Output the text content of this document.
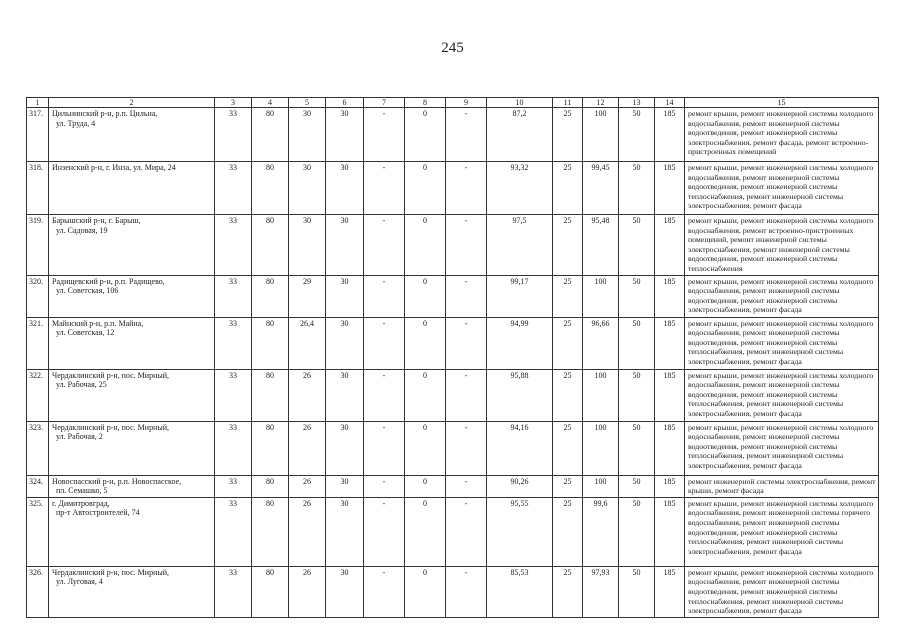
245
1	2	3	4	5	6	7	8	9	10	11	12	13	14	15
317.	Цильнинский р-н, р.п. Цильна,
ул. Труда, 4	33	80	30	30	-	0	-	87,2	25	100	50	185	ремонт крыши, ремонт инженерной системы холодного водоснабжения, ремонт инженерной системы водоотведения, ремонт инженерной системы электроснабжения, ремонт фасада, ремонт встроенно-пристроенных помещений
318.	Инзенский р-н, г. Инза, ул. Мира, 24	33	80	30	30	-	0	-	93,32	25	99,45	50	185	ремонт крыши, ремонт инженерной системы холодного водоснабжения, ремонт инженерной системы водоотведения, ремонт инженерной системы теплоснабжения, ремонт инженерной системы электроснабжения, ремонт фасада
319.	Барышский р-н, г. Барыш,
ул. Садовая, 19	33	80	30	30	-	0	-	97,5	25	95,48	50	185	ремонт крыши, ремонт инженерной системы холодного водоснабжения, ремонт встроенно-пристроенных помещений, ремонт инженерной системы электроснабжения, ремонт инженерной системы водоотведения, ремонт инженерной системы теплоснабжения
320.	Радищевский р-н, р.п. Радищево,
ул. Советская, 106	33	80	29	30	-	0	-	99,17	25	100	50	185	ремонт крыши, ремонт инженерной системы холодного водоснабжения, ремонт инженерной системы водоотведения, ремонт инженерной системы электроснабжения, ремонт фасада
321.	Майнский р-н, р.п. Майна,
ул. Советская, 12	33	80	26,4	30	-	0	-	94,99	25	96,66	50	185	ремонт крыши, ремонт инженерной системы холодного водоснабжения, ремонт инженерной системы водоотведения, ремонт инженерной системы теплоснабжения, ремонт инженерной системы электроснабжения, ремонт фасада
322.	Чердаклинский р-н, пос. Мирный,
ул. Рабочая, 25	33	80	26	30	-	0	-	95,88	25	100	50	185	ремонт крыши, ремонт инженерной системы холодного водоснабжения, ремонт инженерной системы водоотведения, ремонт инженерной системы теплоснабжения, ремонт инженерной системы электроснабжения, ремонт фасада
323.	Чердаклинский р-н, пос. Мирный,
ул. Рабочая, 2	33	80	26	30	-	0	-	94,16	25	100	50	185	ремонт крыши, ремонт инженерной системы холодного водоснабжения, ремонт инженерной системы водоотведения, ремонт инженерной системы теплоснабжения, ремонт инженерной системы электроснабжения, ремонт фасада
324.	Новоспасский р-н, р.п. Новоспасское,
пл. Семашко, 5	33	80	26	30	-	0	-	90,26	25	100	50	185	ремонт инженерной системы электроснабжения, ремонт крыши, ремонт фасада
325.	г. Димитровград,
пр-т Автостроителей, 74	33	80	26	30	-	0	-	95,55	25	99,6	50	185	ремонт крыши, ремонт инженерной системы холодного водоснабжения, ремонт инженерной системы горячего водоснабжения, ремонт инженерной системы водоотведения, ремонт инженерной системы теплоснабжения, ремонт инженерной системы электроснабжения, ремонт фасада
326.	Чердаклинский р-н, пос. Мирный,
ул. Луговая, 4	33	80	26	30	-	0	-	85,53	25	97,93	50	185	ремонт крыши, ремонт инженерной системы холодного водоснабжения, ремонт инженерной системы водоотведения, ремонт инженерной системы теплоснабжения, ремонт инженерной системы электроснабжения, ремонт фасада
